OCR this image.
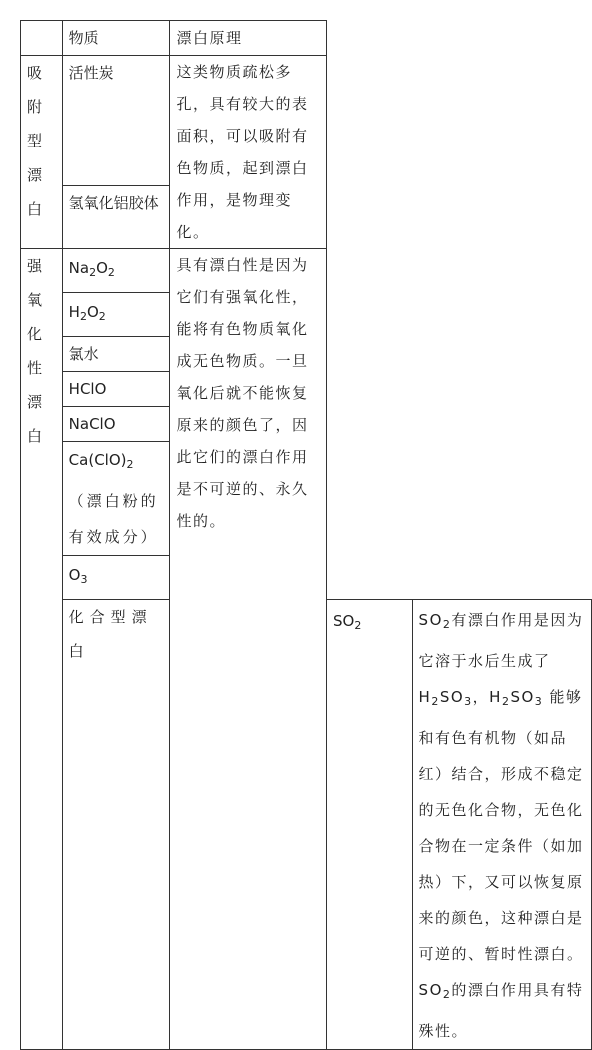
	物质	漂白原理		
吸附型漂白	活性炭	这类物质疏松多孔，具有较大的表面积，可以吸附有色物质，起到漂白作用，是物理变化。		
	氢氧化铝胶体			
强氧化性漂白	$Na_2O_2$	具有漂白性是因为它们有强氧化性，能将有色物质氧化成无色物质。一旦氧化后就不能恢复原来的颜色了，因此它们的漂白作用是不可逆的、永久性的。		
	$H_2O_2$
	氯水			
	HClO			
	NaClO			
	$Ca(ClO)_2$
（漂白粉的有效成分）			
	$O_3$
	化合型漂白		$SO_2$	$SO_2$有漂白作用是因为它溶于水后生成了$H_2SO_3$，$H_2SO_3$ 能够和有色有机物（如品红）结合，形成不稳定的无色化合物，无色化合物在一定条件（如加热）下，又可以恢复原来的颜色，这种漂白是可逆的、暂时性漂白。$SO_2$的漂白作用具有特殊性。
